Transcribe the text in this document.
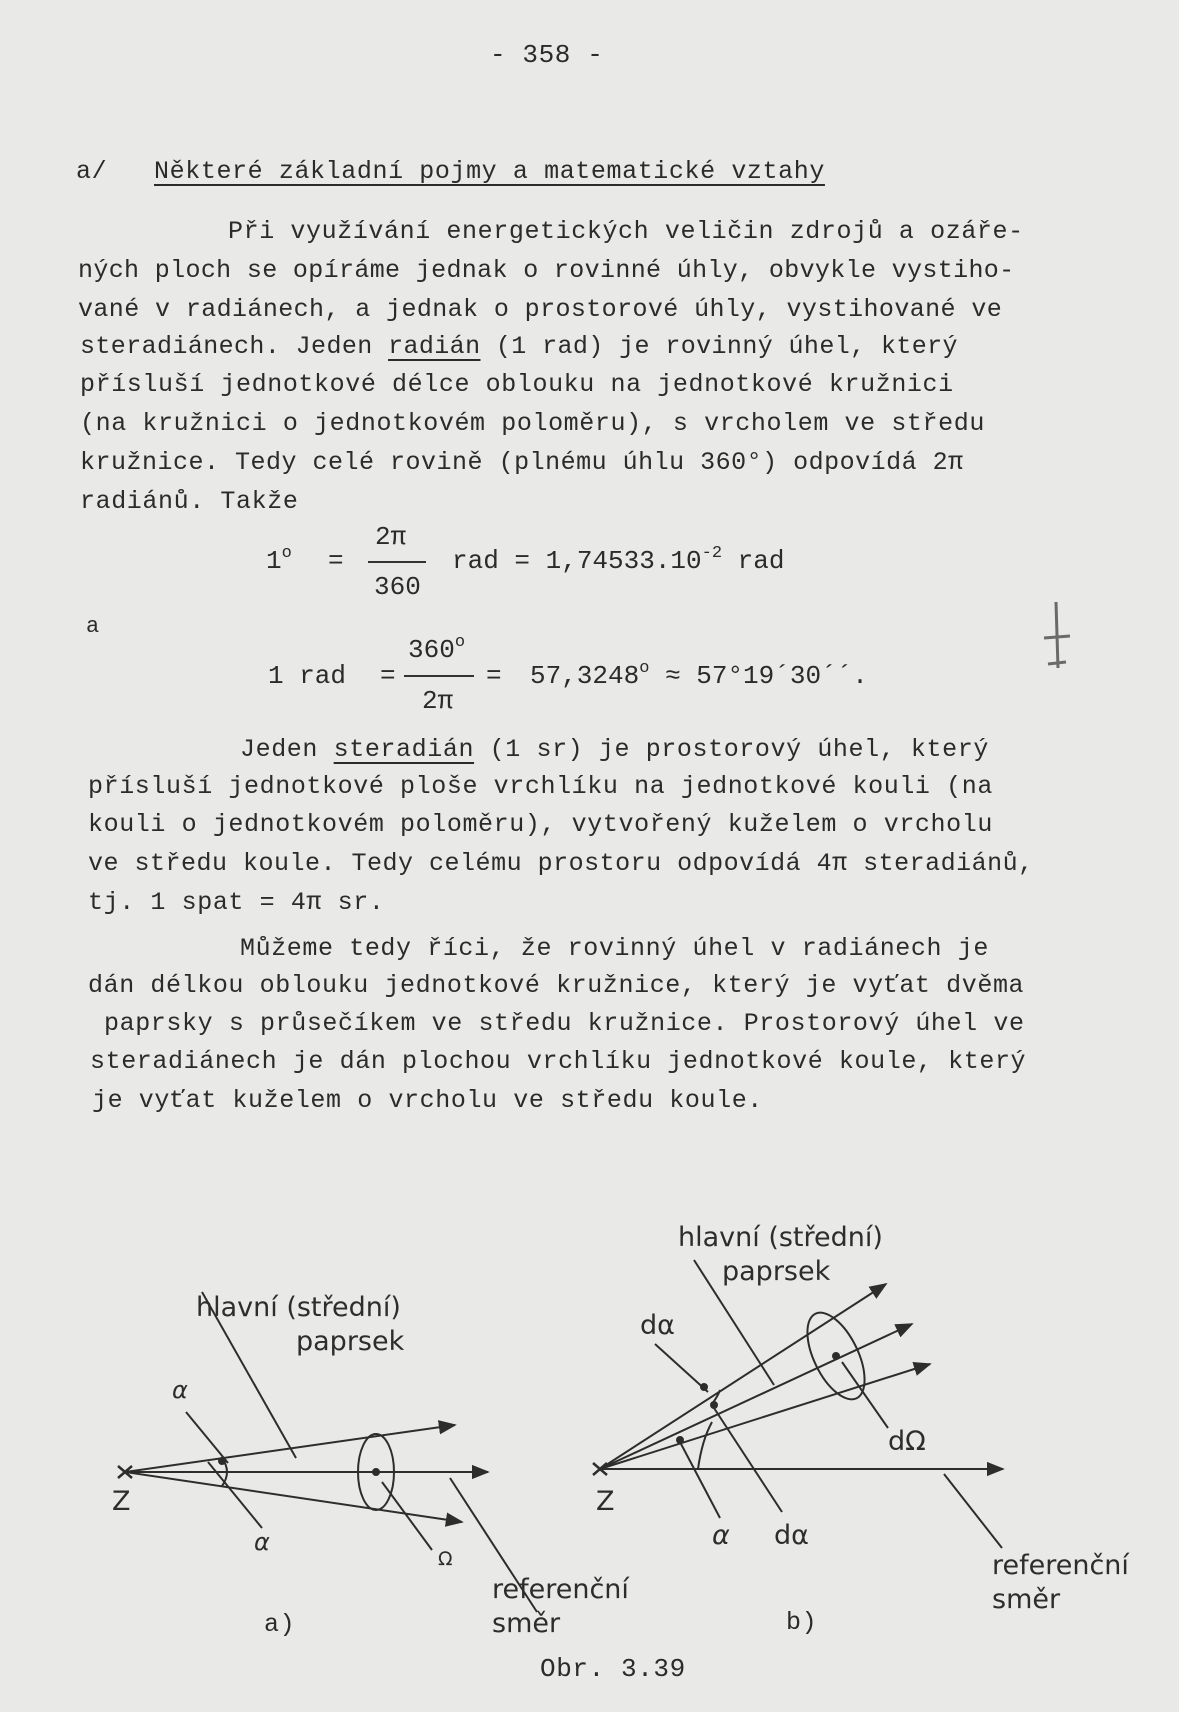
- 358 -
a/ Některé základní pojmy a matematické vztahy
Při využívání energetických veličin zdrojů a ozáře-
ných ploch se opíráme jednak o rovinné úhly, obvykle vystiho-
vané v radiánech, a jednak o prostorové úhly, vystihované ve
steradiánech. Jeden radián (1 rad) je rovinný úhel, který
přísluší jednotkové délce oblouku na jednotkové kružnici
(na kružnici o jednotkovém poloměru), s vrcholem ve středu
kružnice. Tedy celé rovině (plnému úhlu 360°) odpovídá 2π
radiánů. Takže
$1^o$ =
2π
360
rad = $1,74533.10^{-2}$ rad
a
1 rad =
$360^o$
2π
= $57,3248^o$ ≈ 57°19´30´´.
Jeden steradián (1 sr) je prostorový úhel, který
přísluší jednotkové ploše vrchlíku na jednotkové kouli (na
kouli o jednotkovém poloměru), vytvořený kuželem o vrcholu
ve středu koule. Tedy celému prostoru odpovídá 4π steradiánů,
tj. 1 spat = 4π sr.
Můžeme tedy říci, že rovinný úhel v radiánech je
dán délkou oblouku jednotkové kružnice, který je vyťat dvěma
paprsky s průsečíkem ve středu kružnice. Prostorový úhel ve
steradiánech je dán plochou vrchlíku jednotkové koule, který
je vyťat kuželem o vrcholu ve středu koule.
hlavní (střední)
paprsek
α
Z
α
Ω
referenční
směr
a)
hlavní (střední)
paprsek
dα
dΩ
Z
α dα
referenční
směr
b)
Obr. 3.39
